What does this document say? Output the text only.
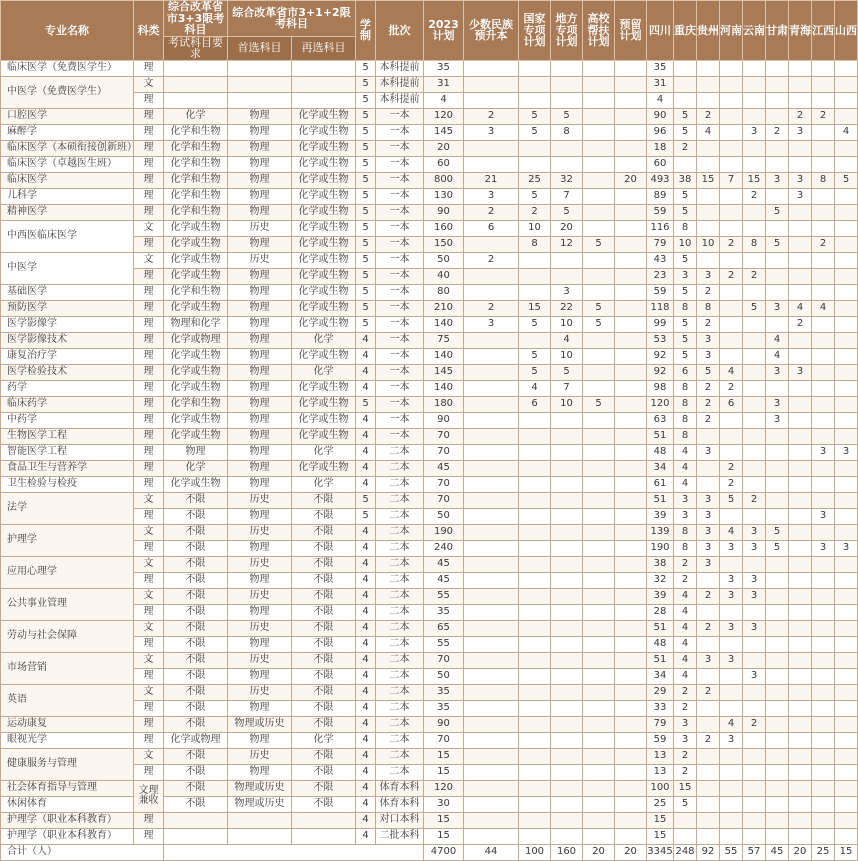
专业名称	科类	综合改革省市3+3限考科目	综合改革省市3+1+2限考科目		学制	批次	2023计划	少数民族预升本	国家专项计划	地方专项计划	高校帮扶计划	预留计划	四川	重庆	贵州	河南	云南	甘肃	青海	江西	山西
		考试科目要求	首选科目	再选科目																	
临床医学（免费医学生）	理				5	本科提前	35						35								
中医学（免费医学生）	文				5	本科提前	31						31								
	理				5	本科提前	4						4								
口腔医学	理	化学	物理	化学或生物	5	一本	120	2	5	5			90	5	2				2	2	
麻醉学	理	化学和生物	物理	化学或生物	5	一本	145	3	5	8			96	5	4		3	2	3		4
临床医学（本硕衔接创新班）	理	化学和生物	物理	化学或生物	5	一本	20						18	2							
临床医学（卓越医生班）	理	化学和生物	物理	化学或生物	5	一本	60						60								
临床医学	理	化学和生物	物理	化学或生物	5	一本	800	21	25	32		20	493	38	15	7	15	3	3	8	5
儿科学	理	化学和生物	物理	化学或生物	5	一本	130	3	5	7			89	5			2		3		
精神医学	理	化学和生物	物理	化学或生物	5	一本	90	2	2	5			59	5				5			
中西医临床医学	文	化学或生物	历史	化学或生物	5	一本	160	6	10	20			116	8							
	理	化学或生物	物理	化学或生物	5	一本	150		8	12	5		79	10	10	2	8	5		2	
中医学	文	化学或生物	历史	化学或生物	5	一本	50	2					43	5							
	理	化学或生物	物理	化学或生物	5	一本	40						23	3	3	2	2				
基础医学	理	化学和生物	物理	化学或生物	5	一本	80			3			59	5	2						
预防医学	理	化学或生物	物理	化学或生物	5	一本	210	2	15	22	5		118	8	8		5	3	4	4	
医学影像学	理	物理和化学	物理	化学或生物	5	一本	140	3	5	10	5		99	5	2				2		
医学影像技术	理	化学或物理	物理	化学	4	一本	75			4			53	5	3			4			
康复治疗学	理	化学或生物	物理	化学或生物	4	一本	140		5	10			92	5	3			4			
医学检验技术	理	化学或生物	物理	化学	4	一本	145		5	5			92	6	5	4		3	3		
药学	理	化学或生物	物理	化学或生物	4	一本	140		4	7			98	8	2	2					
临床药学	理	化学和生物	物理	化学或生物	5	一本	180		6	10	5		120	8	2	6		3			
中药学	理	化学或生物	物理	化学或生物	4	一本	90						63	8	2			3			
生物医学工程	理	化学或生物	物理	化学或生物	4	一本	70						51	8							
智能医学工程	理	物理	物理	化学	4	二本	70						48	4	3					3	3
食品卫生与营养学	理	化学	物理	化学或生物	4	二本	45						34	4		2					
卫生检验与检疫	理	化学或生物	物理	化学	4	二本	70						61	4		2					
法学	文	不限	历史	不限	5	二本	70						51	3	3	5	2				
	理	不限	物理	不限	5	二本	50						39	3	3					3	
护理学	文	不限	历史	不限	4	二本	190						139	8	3	4	3	5			
	理	不限	物理	不限	4	二本	240						190	8	3	3	3	5		3	3
应用心理学	文	不限	历史	不限	4	二本	45						38	2	3						
	理	不限	物理	不限	4	二本	45						32	2		3	3				
公共事业管理	文	不限	历史	不限	4	二本	55						39	4	2	3	3				
	理	不限	物理	不限	4	二本	35						28	4							
劳动与社会保障	文	不限	历史	不限	4	二本	65						51	4	2	3	3				
	理	不限	物理	不限	4	二本	55						48	4							
市场营销	文	不限	历史	不限	4	二本	70						51	4	3	3					
	理	不限	物理	不限	4	二本	50						34	4			3				
英语	文	不限	历史	不限	4	二本	35						29	2	2						
	理	不限	物理	不限	4	二本	35						33	2							
运动康复	理	不限	物理或历史	不限	4	二本	90						79	3		4	2				
眼视光学	理	化学或物理	物理	化学	4	二本	70						59	3	2	3					
健康服务与管理	文	不限	历史	不限	4	二本	15						13	2							
	理	不限	物理	不限	4	二本	15						13	2							
社会体育指导与管理	文理兼收	不限	物理或历史	不限	4	体育本科	120						100	15							
休闲体育		不限	物理或历史	不限	4	体育本科	30						25	5							
护理学（职业本科教育）	理				4	对口本科	15						15								
护理学（职业本科教育）	理				4	二批本科	15						15								
合计（人）							4700	44	100	160	20	20	3345	248	92	55	57	45	20	25	15
